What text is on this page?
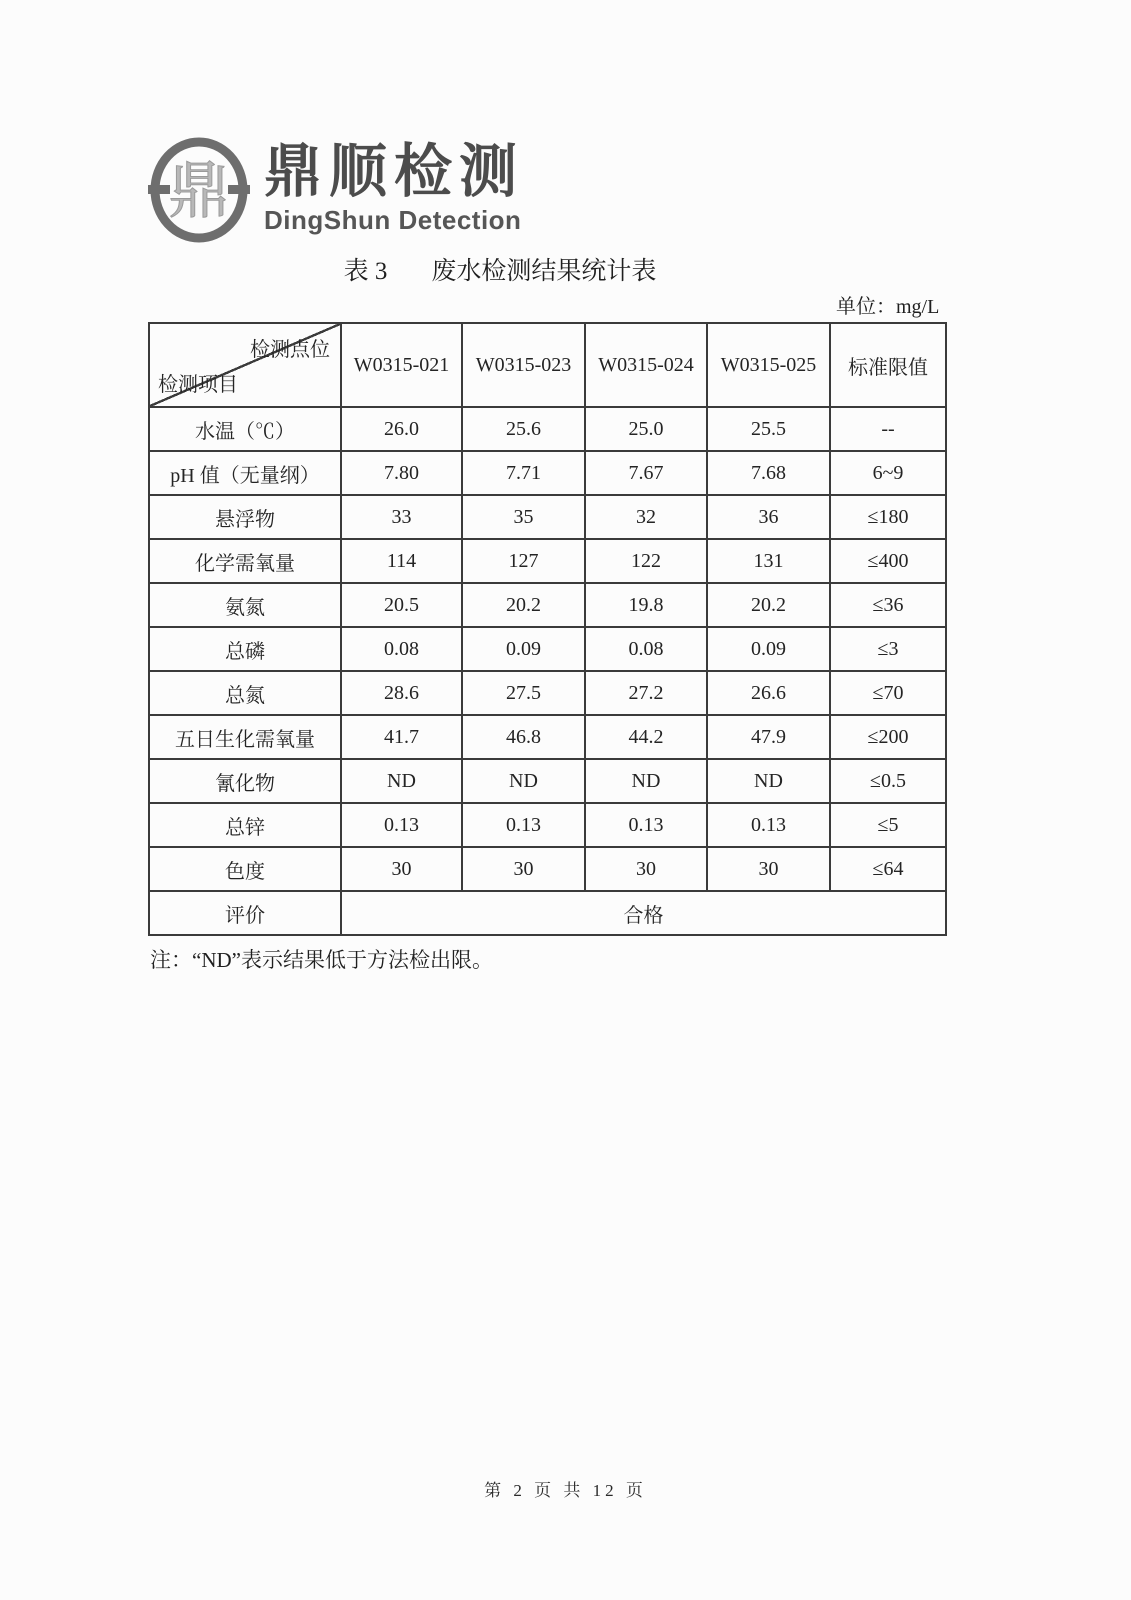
鼎 鼎顺检测
DingShun Detection
表 3 废水检测结果统计表
单位：mg/L
检测点位
检测项目	W0315-021	W0315-023	W0315-024	W0315-025	标准限值
水温（℃）	26.0	25.6	25.0	25.5	--
pH 值（无量纲）	7.80	7.71	7.67	7.68	6~9
悬浮物	33	35	32	36	≤180
化学需氧量	114	127	122	131	≤400
氨氮	20.5	20.2	19.8	20.2	≤36
总磷	0.08	0.09	0.08	0.09	≤3
总氮	28.6	27.5	27.2	26.6	≤70
五日生化需氧量	41.7	46.8	44.2	47.9	≤200
氰化物	ND	ND	ND	ND	≤0.5
总锌	0.13	0.13	0.13	0.13	≤5
色度	30	30	30	30	≤64
评价	合格				
注：“ND”表示结果低于方法检出限。
第 2 页 共 12 页
